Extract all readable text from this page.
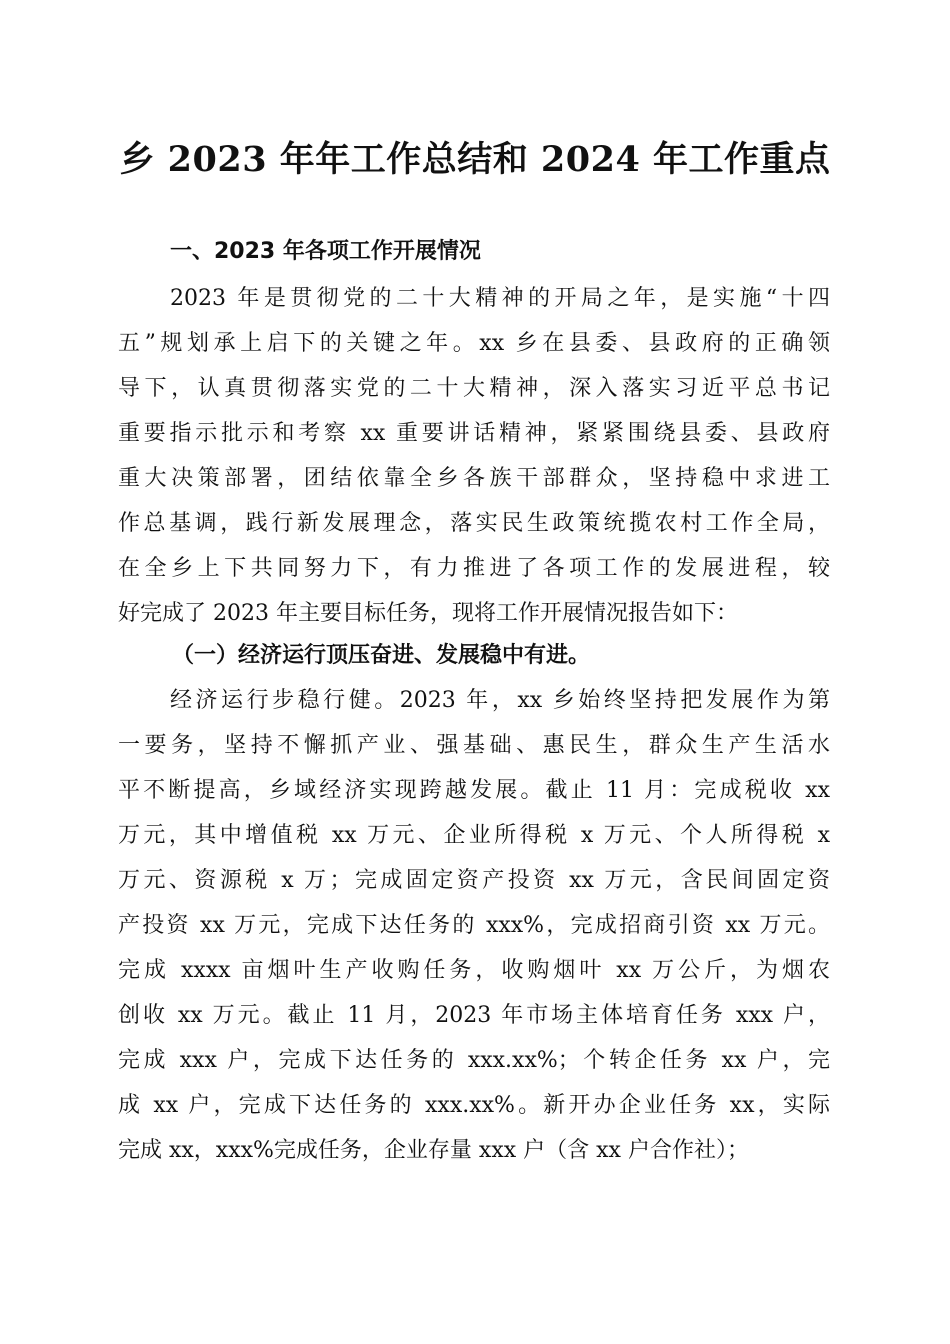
乡 2023 年年工作总结和 2024 年工作重点
一、2023 年各项工作开展情况
2023 年是贯彻党的二十大精神的开局之年，是实施“十四
五”规划承上启下的关键之年。xx 乡在县委、县政府的正确领
导下，认真贯彻落实党的二十大精神，深入落实习近平总书记
重要指示批示和考察 xx 重要讲话精神，紧紧围绕县委、县政府
重大决策部署，团结依靠全乡各族干部群众，坚持稳中求进工
作总基调，践行新发展理念，落实民生政策统揽农村工作全局，
在全乡上下共同努力下，有力推进了各项工作的发展进程，较
好完成了 2023 年主要目标任务，现将工作开展情况报告如下：
（一）经济运行顶压奋进、发展稳中有进。
经济运行步稳行健。2023 年，xx 乡始终坚持把发展作为第
一要务，坚持不懈抓产业、强基础、惠民生，群众生产生活水
平不断提高，乡域经济实现跨越发展。截止 11 月：完成税收 xx
万元，其中增值税 xx 万元、企业所得税 x 万元、个人所得税 x
万元、资源税 x 万；完成固定资产投资 xx 万元，含民间固定资
产投资 xx 万元，完成下达任务的 xxx%，完成招商引资 xx 万元。
完成 xxxx 亩烟叶生产收购任务，收购烟叶 xx 万公斤，为烟农
创收 xx 万元。截止 11 月，2023 年市场主体培育任务 xxx 户，
完成 xxx 户，完成下达任务的 xxx.xx%；个转企任务 xx 户，完
成 xx 户，完成下达任务的 xxx.xx%。新开办企业任务 xx，实际
完成 xx，xxx%完成任务，企业存量 xxx 户（含 xx 户合作社）；
